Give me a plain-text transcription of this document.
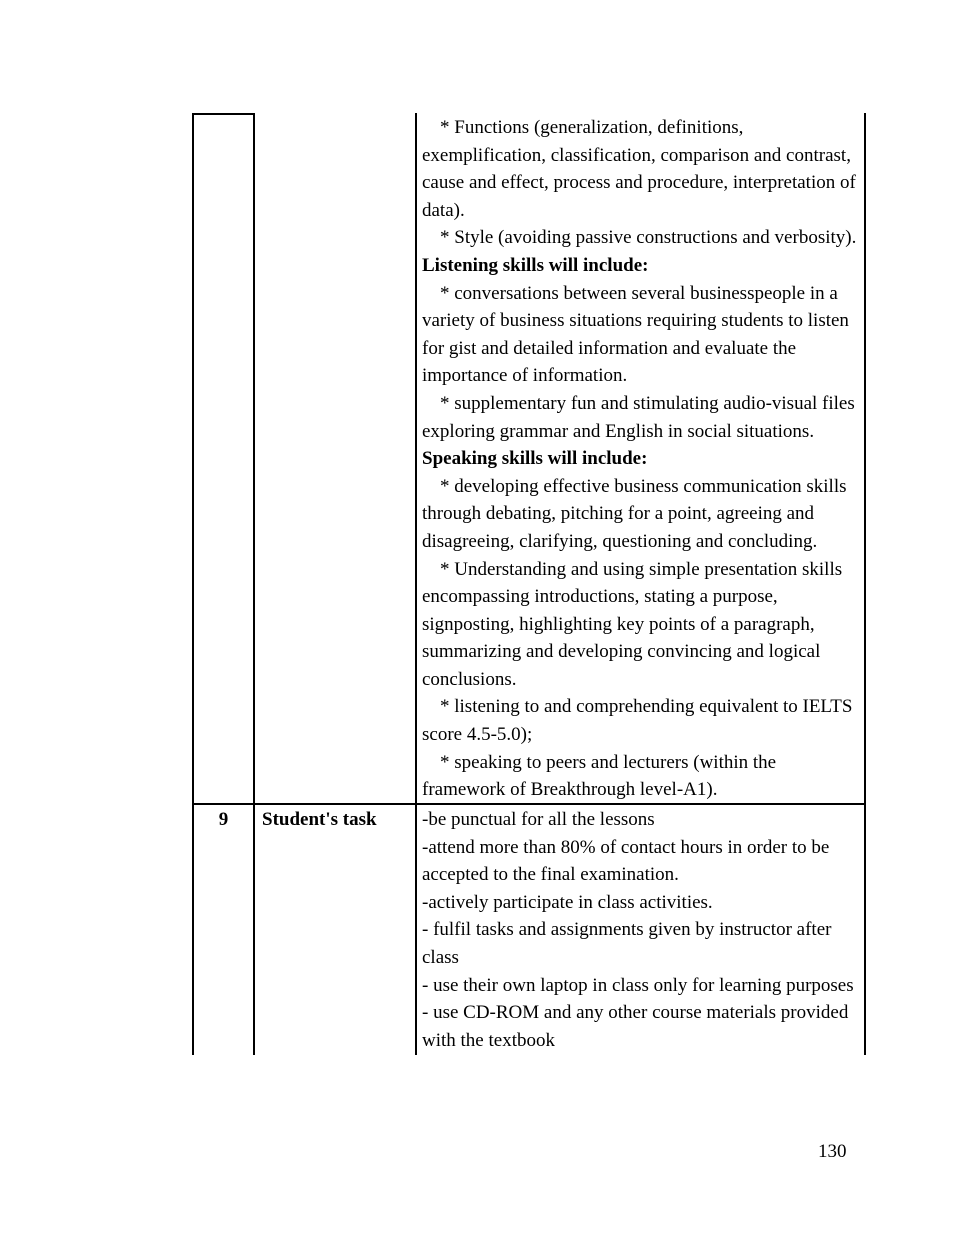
* Functions (generalization, definitions,
exemplification, classification, comparison and contrast,
cause and effect, process and procedure, interpretation of
data).
* Style (avoiding passive constructions and verbosity).
Listening skills will include:
* conversations between several businesspeople in a
variety of business situations requiring students to listen
for gist and detailed information and evaluate the
importance of information.
* supplementary fun and stimulating audio-visual files
exploring grammar and English in social situations.
Speaking skills will include:
* developing effective business communication skills
through debating, pitching for a point, agreeing and
disagreeing, clarifying, questioning and concluding.
* Understanding and using simple presentation skills
encompassing introductions, stating a purpose,
signposting, highlighting key points of a paragraph,
summarizing and developing convincing and logical
conclusions.
* listening to and comprehending equivalent to IELTS
score 4.5-5.0);
* speaking to peers and lecturers (within the
framework of Breakthrough level-A1).
9	Student's task	-be punctual for all the lessons
-attend more than 80% of contact hours in order to be
accepted to the final examination.
-actively participate in class activities.
- fulfil tasks and assignments given by instructor after
class
- use their own laptop in class only for learning purposes
- use CD-ROM and any other course materials provided
with the textbook
130
